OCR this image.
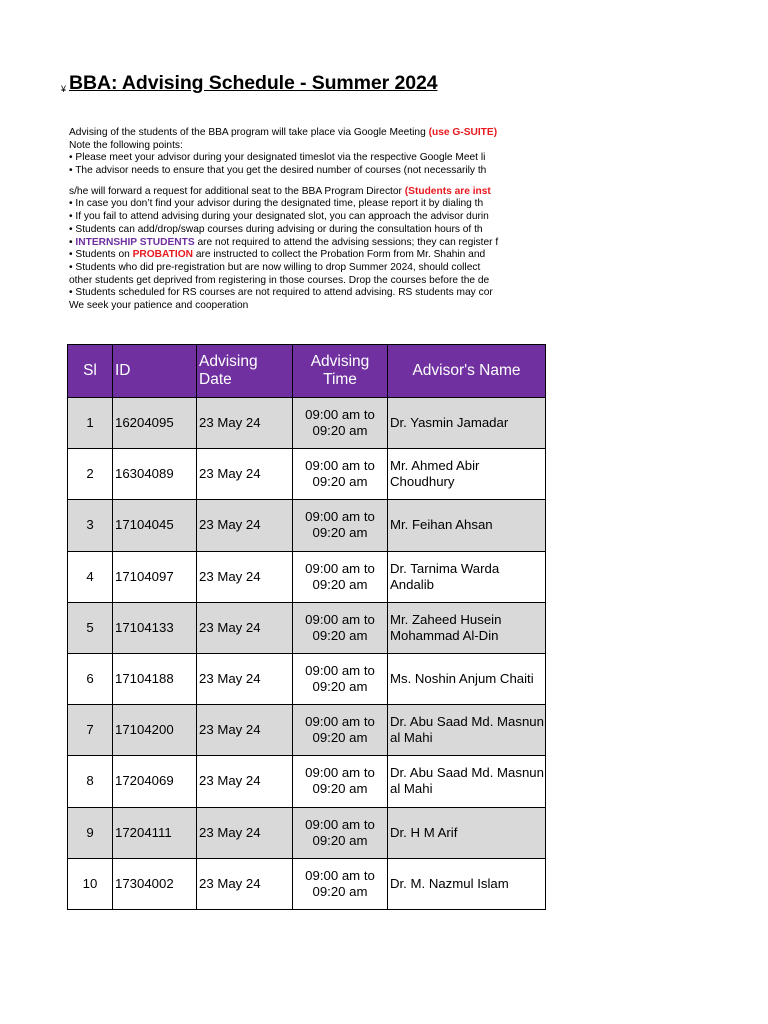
¥ BBA: Advising Schedule - Summer 2024
Advising of the students of the BBA program will take place via Google Meeting (use G-SUITE)
Note the following points:
• Please meet your advisor during your designated timeslot via the respective Google Meet li
• The advisor needs to ensure that you get the desired number of courses (not necessarily th
s/he will forward a request for additional seat to the BBA Program Director (Students are inst
• In case you don’t find your advisor during the designated time, please report it by dialing th
• If you fail to attend advising during your designated slot, you can approach the advisor durin
• Students can add/drop/swap courses during advising or during the consultation hours of th
• INTERNSHIP STUDENTS are not required to attend the advising sessions; they can register f
• Students on PROBATION are instructed to collect the Probation Form from Mr. Shahin and
• Students who did pre-registration but are now willing to drop Summer 2024, should collect
other students get deprived from registering in those courses. Drop the courses before the de
• Students scheduled for RS courses are not required to attend advising. RS students may cor
We seek your patience and cooperation
Sl	ID	Advising Date	Advising Time	Advisor's Name
1	16204095	23 May 24	09:00 am to 09:20 am	Dr. Yasmin Jamadar
2	16304089	23 May 24	09:00 am to 09:20 am	Mr. Ahmed Abir Choudhury
3	17104045	23 May 24	09:00 am to 09:20 am	Mr. Feihan Ahsan
4	17104097	23 May 24	09:00 am to 09:20 am	Dr. Tarnima Warda Andalib
5	17104133	23 May 24	09:00 am to 09:20 am	Mr. Zaheed Husein Mohammad Al-Din
6	17104188	23 May 24	09:00 am to 09:20 am	Ms. Noshin Anjum Chaiti
7	17104200	23 May 24	09:00 am to 09:20 am	Dr. Abu Saad Md. Masnun al Mahi
8	17204069	23 May 24	09:00 am to 09:20 am	Dr. Abu Saad Md. Masnun al Mahi
9	17204111	23 May 24	09:00 am to 09:20 am	Dr. H M Arif
10	17304002	23 May 24	09:00 am to 09:20 am	Dr. M. Nazmul Islam
